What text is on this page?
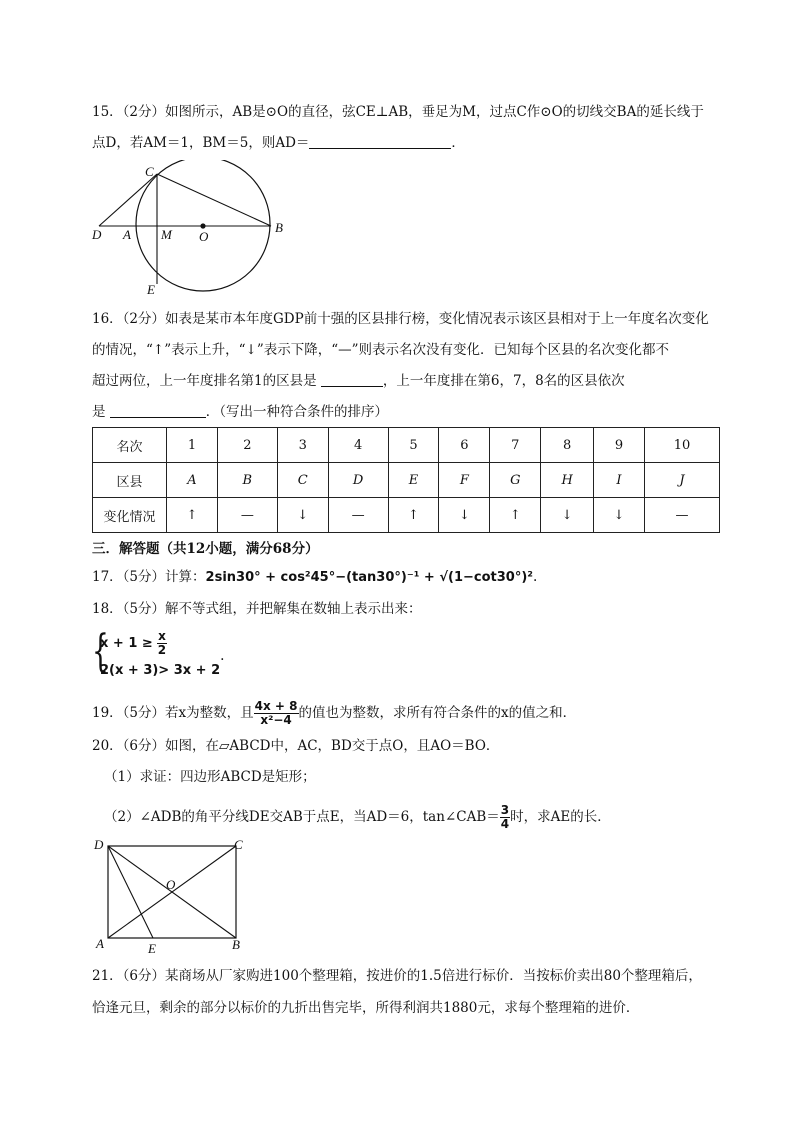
15．（2分）如图所示，AB是⊙O的直径，弦CE⊥AB，垂足为M，过点C作⊙O的切线交BA的延长线于
点D，若AM＝1，BM＝5，则AD＝	．
C
D A M O
B
E
16．（2分）如表是某市本年度GDP前十强的区县排行榜，变化情况表示该区县相对于上一年度名次变化
的情况，“↑”表示上升，“↓”表示下降，“—”则表示名次没有变化．已知每个区县的名次变化都不
超过两位，上一年度排名第1的区县是	，上一年度排在第6，7，8名的区县依次
是	．（写出一种符合条件的排序）
名次	1	2	3	4	5	6	7	8	9	10
区县	A	B	C	D	E	F	G	H	I	J
变化情况	↑	—	↓	—	↑	↓	↑	↓	↓	—
三．解答题（共12小题，满分68分）
17．（5分）计算：2sin30° + cos²45°−(tan30°)⁻¹ + √(1−cot30°)².
18．（5分）解不等式组，并把解集在数轴上表示出来：
{
$x + 1 \ge \frac{x}{2}$
2(x + 3)> 3x + 2.
19．（5分）若x为整数，且 $\frac{4x + 8}{\text{x²−4}}$ 的值也为整数，求所有符合条件的x的值之和．
20．（6分）如图，在▱ABCD中，AC，BD交于点O，且AO＝BO．
（1）求证：四边形ABCD是矩形；
（2）∠ADB的角平分线DE交AB于点E，当AD＝6，tan∠CAB＝ $\frac{3}{4}$ 时，求AE的长．
D	C
O
A	E	B
21．（6分）某商场从厂家购进100个整理箱，按进价的1.5倍进行标价．当按标价卖出80个整理箱后，
恰逢元旦，剩余的部分以标价的九折出售完毕，所得利润共1880元，求每个整理箱的进价．
